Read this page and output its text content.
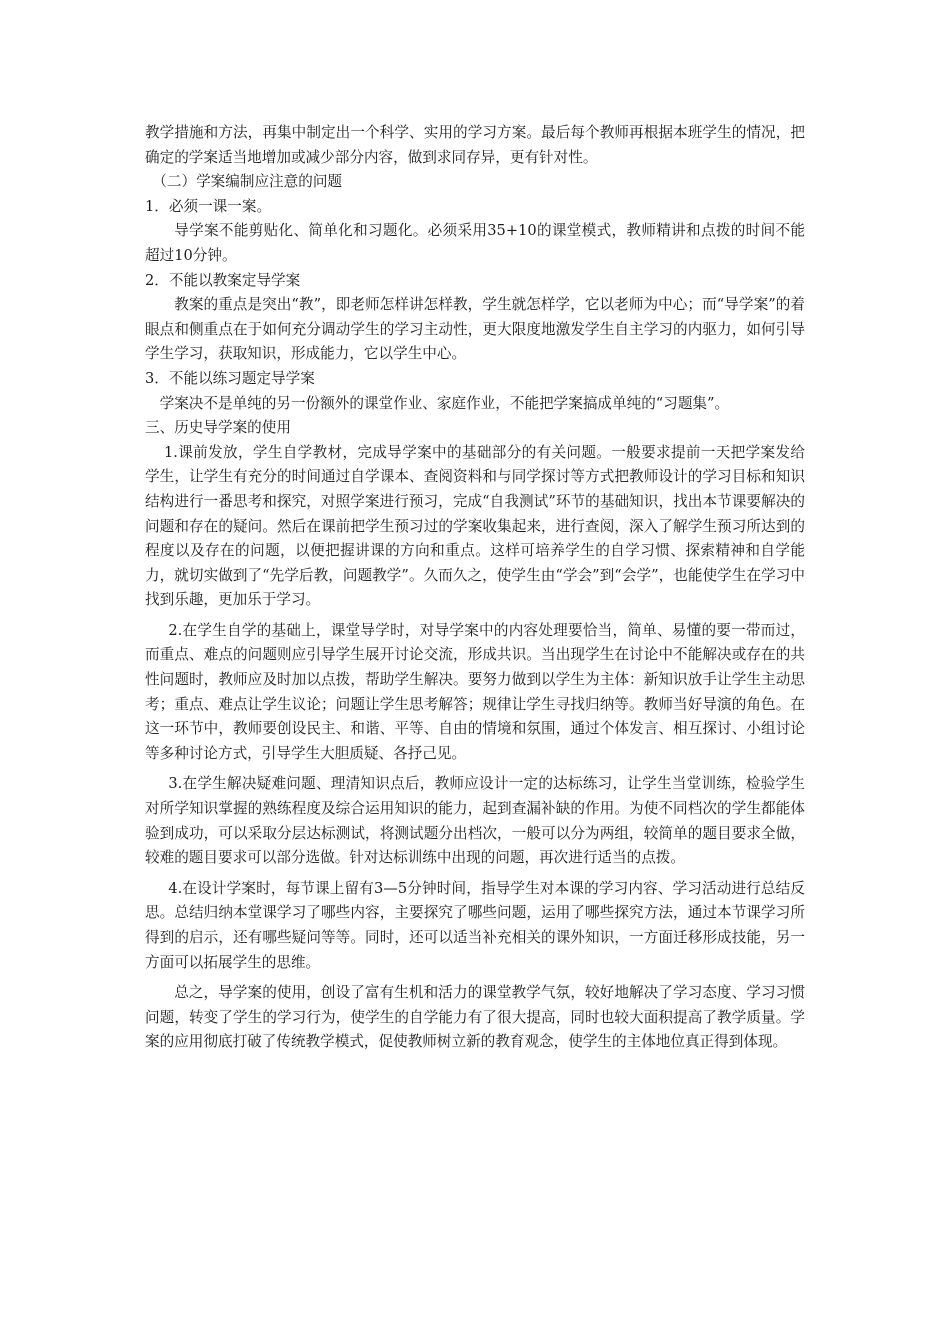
教学措施和方法，再集中制定出一个科学、实用的学习方案。最后每个教师再根据本班学生的情况，把确定的学案适当地增加或减少部分内容，做到求同存异，更有针对性。

（二）学案编制应注意的问题

1．必须一课一案。

导学案不能剪贴化、简单化和习题化。必须采用35+10的课堂模式，教师精讲和点拨的时间不能超过10分钟。

2．不能以教案定导学案

教案的重点是突出“教”，即老师怎样讲怎样教，学生就怎样学，它以老师为中心；而“导学案”的着眼点和侧重点在于如何充分调动学生的学习主动性，更大限度地激发学生自主学习的内驱力，如何引导学生学习，获取知识，形成能力，它以学生中心。

3．不能以练习题定导学案

学案决不是单纯的另一份额外的课堂作业、家庭作业，不能把学案搞成单纯的“习题集”。

三、历史导学案的使用

1.课前发放，学生自学教材，完成导学案中的基础部分的有关问题。一般要求提前一天把学案发给学生，让学生有充分的时间通过自学课本、查阅资料和与同学探讨等方式把教师设计的学习目标和知识结构进行一番思考和探究，对照学案进行预习，完成“自我测试”环节的基础知识，找出本节课要解决的问题和存在的疑问。然后在课前把学生预习过的学案收集起来，进行查阅，深入了解学生预习所达到的程度以及存在的问题，以便把握讲课的方向和重点。这样可培养学生的自学习惯、探索精神和自学能力，就切实做到了“先学后教，问题教学”。久而久之，使学生由“学会”到“会学”，也能使学生在学习中找到乐趣，更加乐于学习。

2.在学生自学的基础上，课堂导学时，对导学案中的内容处理要恰当，简单、易懂的要一带而过，而重点、难点的问题则应引导学生展开讨论交流，形成共识。当出现学生在讨论中不能解决或存在的共性问题时，教师应及时加以点拨，帮助学生解决。要努力做到以学生为主体：新知识放手让学生主动思考；重点、难点让学生议论；问题让学生思考解答；规律让学生寻找归纳等。教师当好导演的角色。在这一环节中，教师要创设民主、和谐、平等、自由的情境和氛围，通过个体发言、相互探讨、小组讨论等多种讨论方式，引导学生大胆质疑、各抒己见。

3.在学生解决疑难问题、理清知识点后，教师应设计一定的达标练习，让学生当堂训练，检验学生对所学知识掌握的熟练程度及综合运用知识的能力，起到查漏补缺的作用。为使不同档次的学生都能体验到成功，可以采取分层达标测试，将测试题分出档次，一般可以分为两组，较简单的题目要求全做，较难的题目要求可以部分选做。针对达标训练中出现的问题，再次进行适当的点拨。

4.在设计学案时，每节课上留有3—5分钟时间，指导学生对本课的学习内容、学习活动进行总结反思。总结归纳本堂课学习了哪些内容，主要探究了哪些问题，运用了哪些探究方法，通过本节课学习所得到的启示，还有哪些疑问等等。同时，还可以适当补充相关的课外知识，一方面迁移形成技能，另一方面可以拓展学生的思维。

总之，导学案的使用，创设了富有生机和活力的课堂教学气氛，较好地解决了学习态度、学习习惯问题，转变了学生的学习行为，使学生的自学能力有了很大提高，同时也较大面积提高了教学质量。学案的应用彻底打破了传统教学模式，促使教师树立新的教育观念，使学生的主体地位真正得到体现。
